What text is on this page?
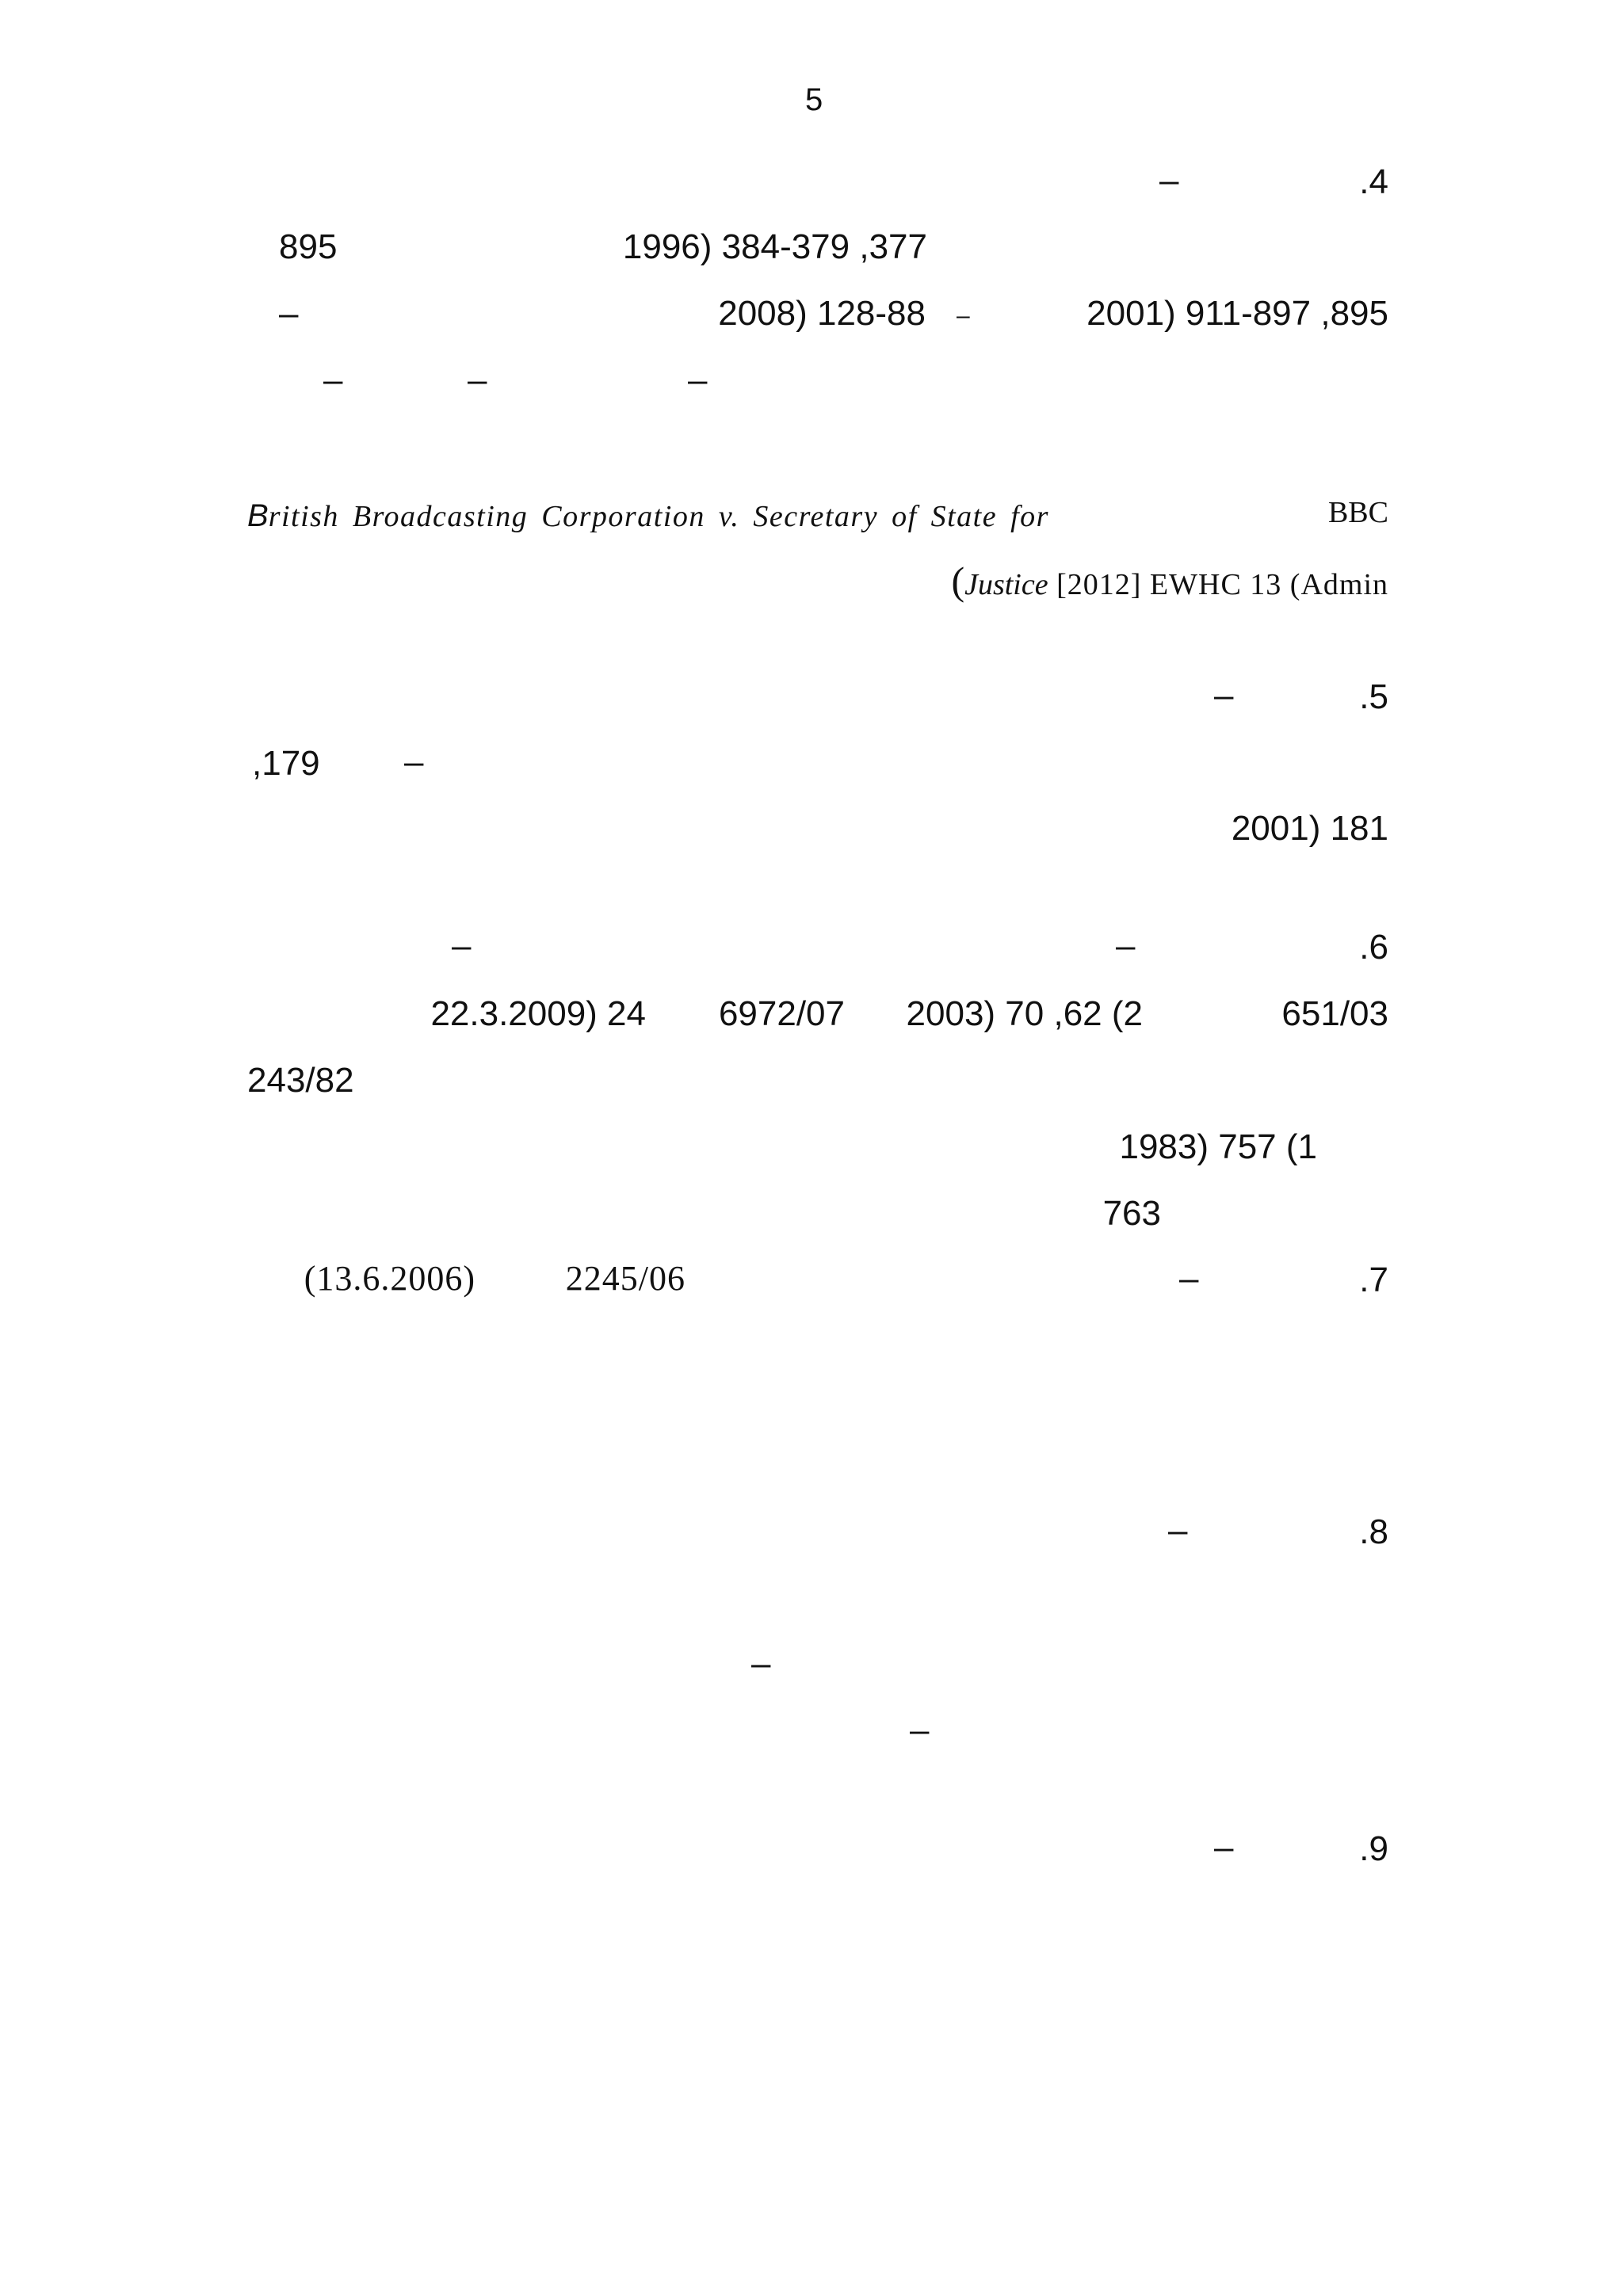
5
.4
–
895	1996) 384-379 ,377
–	2008) 128-88 –	2001) 911-897 ,895
–	–	–
British Broadcasting Corporation v. Secretary of State for	BBC
(Justice [2012] EWHC 13 (Admin
.5
–
,179 –
2001) 181
.6
–
–
22.3.2009) 24 6972/07 2003) 70 ,62 (2	651/03
243/82
1983) 757 (1
763
.7
–
2245/06
(13.6.2006)
.8
–
–
–
.9
–
